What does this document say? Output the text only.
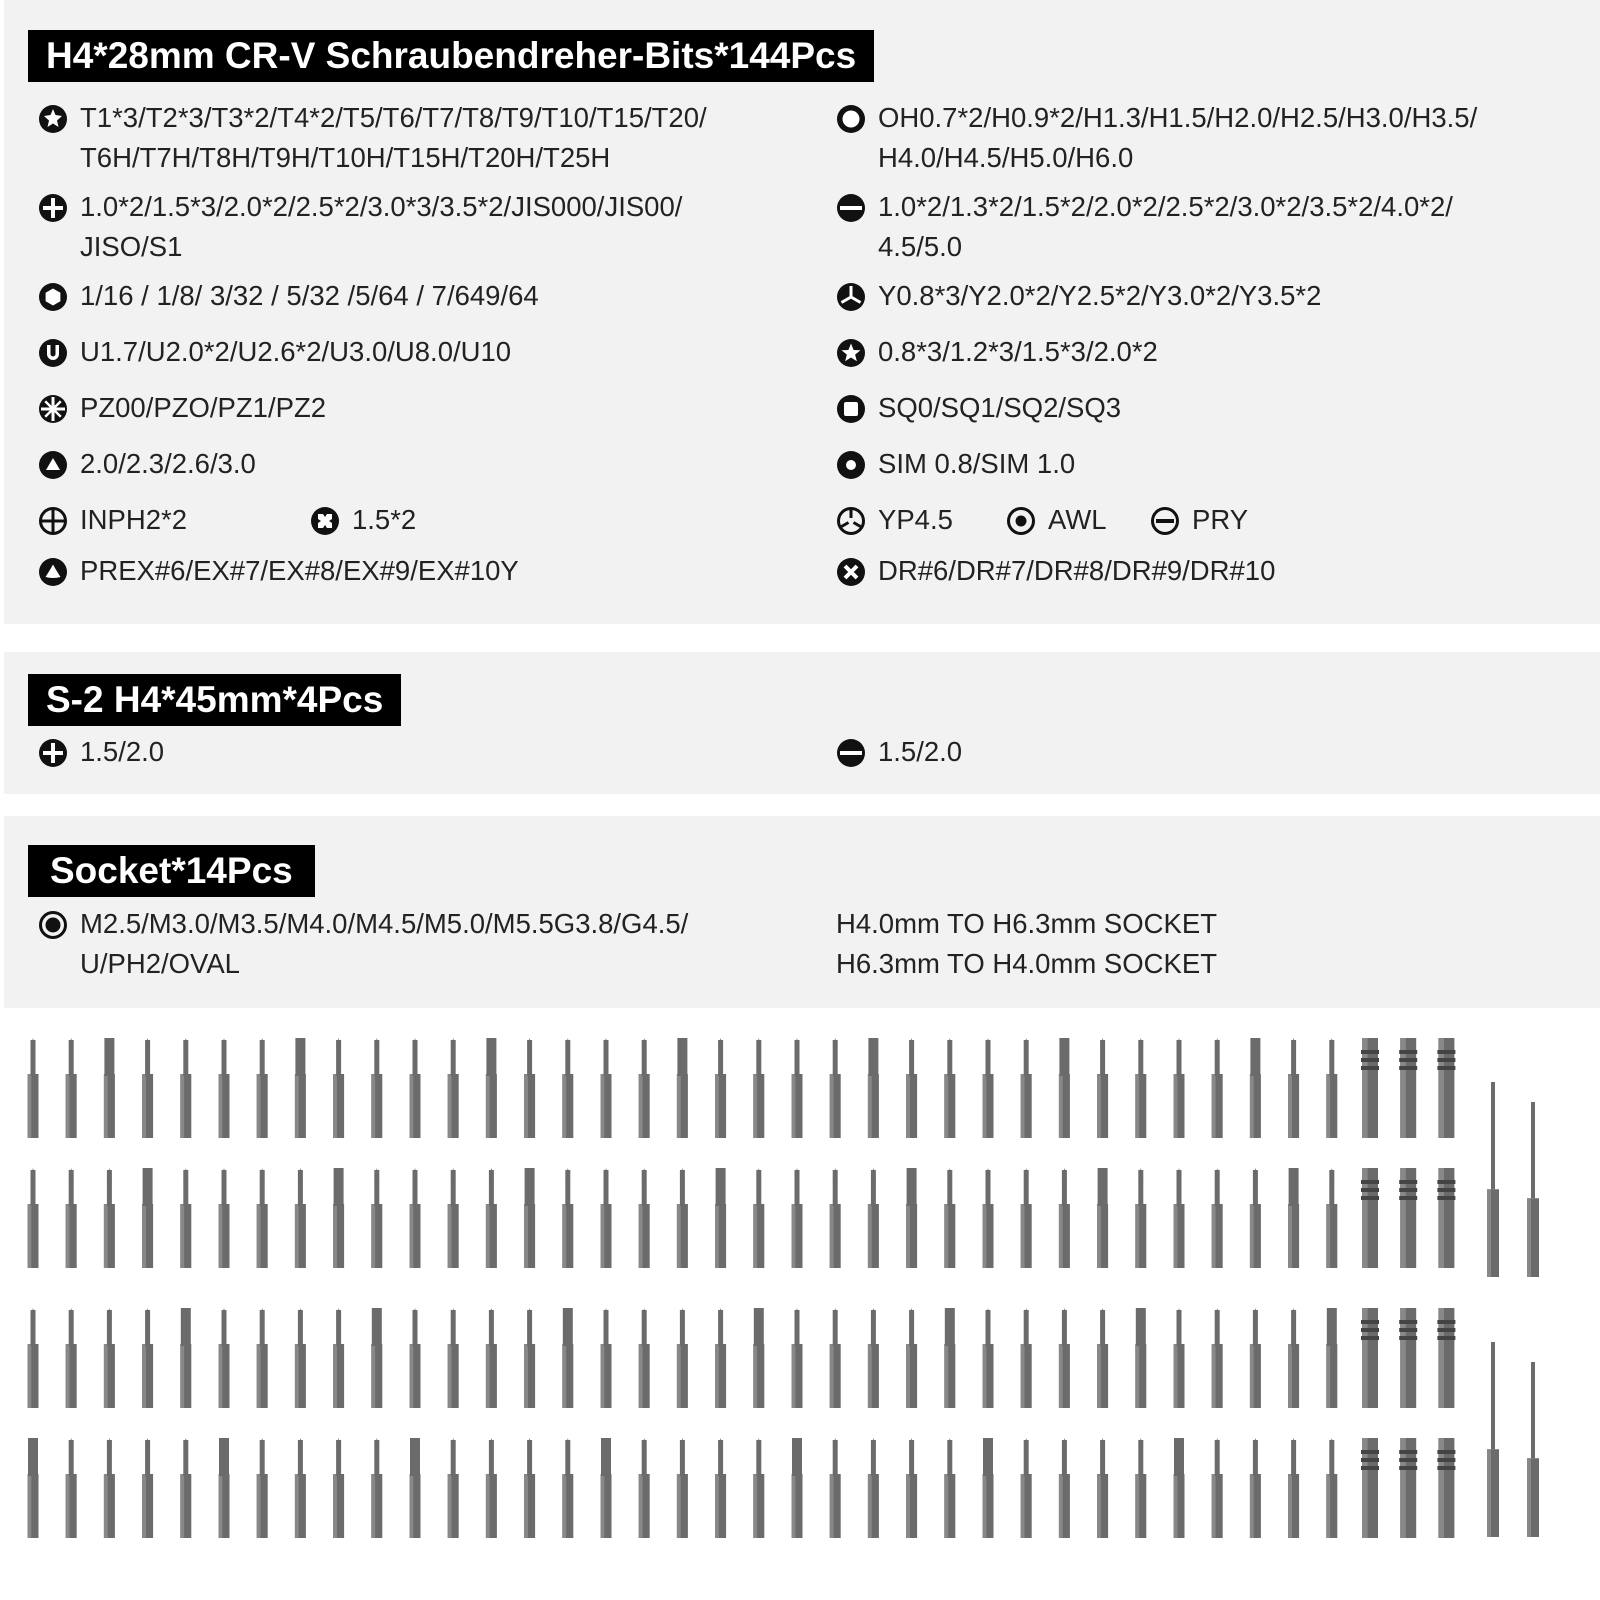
H4*28mm CR-V Schraubendreher-Bits*144Pcs
T1*3/T2*3/T3*2/T4*2/T5/T6/T7/T8/T9/T10/T15/T20/
T6H/T7H/T8H/T9H/T10H/T15H/T20H/T25H
1.0*2/1.5*3/2.0*2/2.5*2/3.0*3/3.5*2/JIS000/JIS00/
JISO/S1
1/16 / 1/8/ 3/32 / 5/32 /5/64 / 7/649/64
U1.7/U2.0*2/U2.6*2/U3.0/U8.0/U10
PZ00/PZO/PZ1/PZ2
2.0/2.3/2.6/3.0
INPH2*2	1.5*2
PREX#6/EX#7/EX#8/EX#9/EX#10Y
OH0.7*2/H0.9*2/H1.3/H1.5/H2.0/H2.5/H3.0/H3.5/
H4.0/H4.5/H5.0/H6.0
1.0*2/1.3*2/1.5*2/2.0*2/2.5*2/3.0*2/3.5*2/4.0*2/
4.5/5.0
Y0.8*3/Y2.0*2/Y2.5*2/Y3.0*2/Y3.5*2
0.8*3/1.2*3/1.5*3/2.0*2
SQ0/SQ1/SQ2/SQ3
SIM 0.8/SIM 1.0
YP4.5	AWL	PRY
DR#6/DR#7/DR#8/DR#9/DR#10
S-2 H4*45mm*4Pcs
1.5/2.0	1.5/2.0
Socket*14Pcs
M2.5/M3.0/M3.5/M4.0/M4.5/M5.0/M5.5G3.8/G4.5/
U/PH2/OVAL
H4.0mm TO H6.3mm SOCKET
H6.3mm TO H4.0mm SOCKET
